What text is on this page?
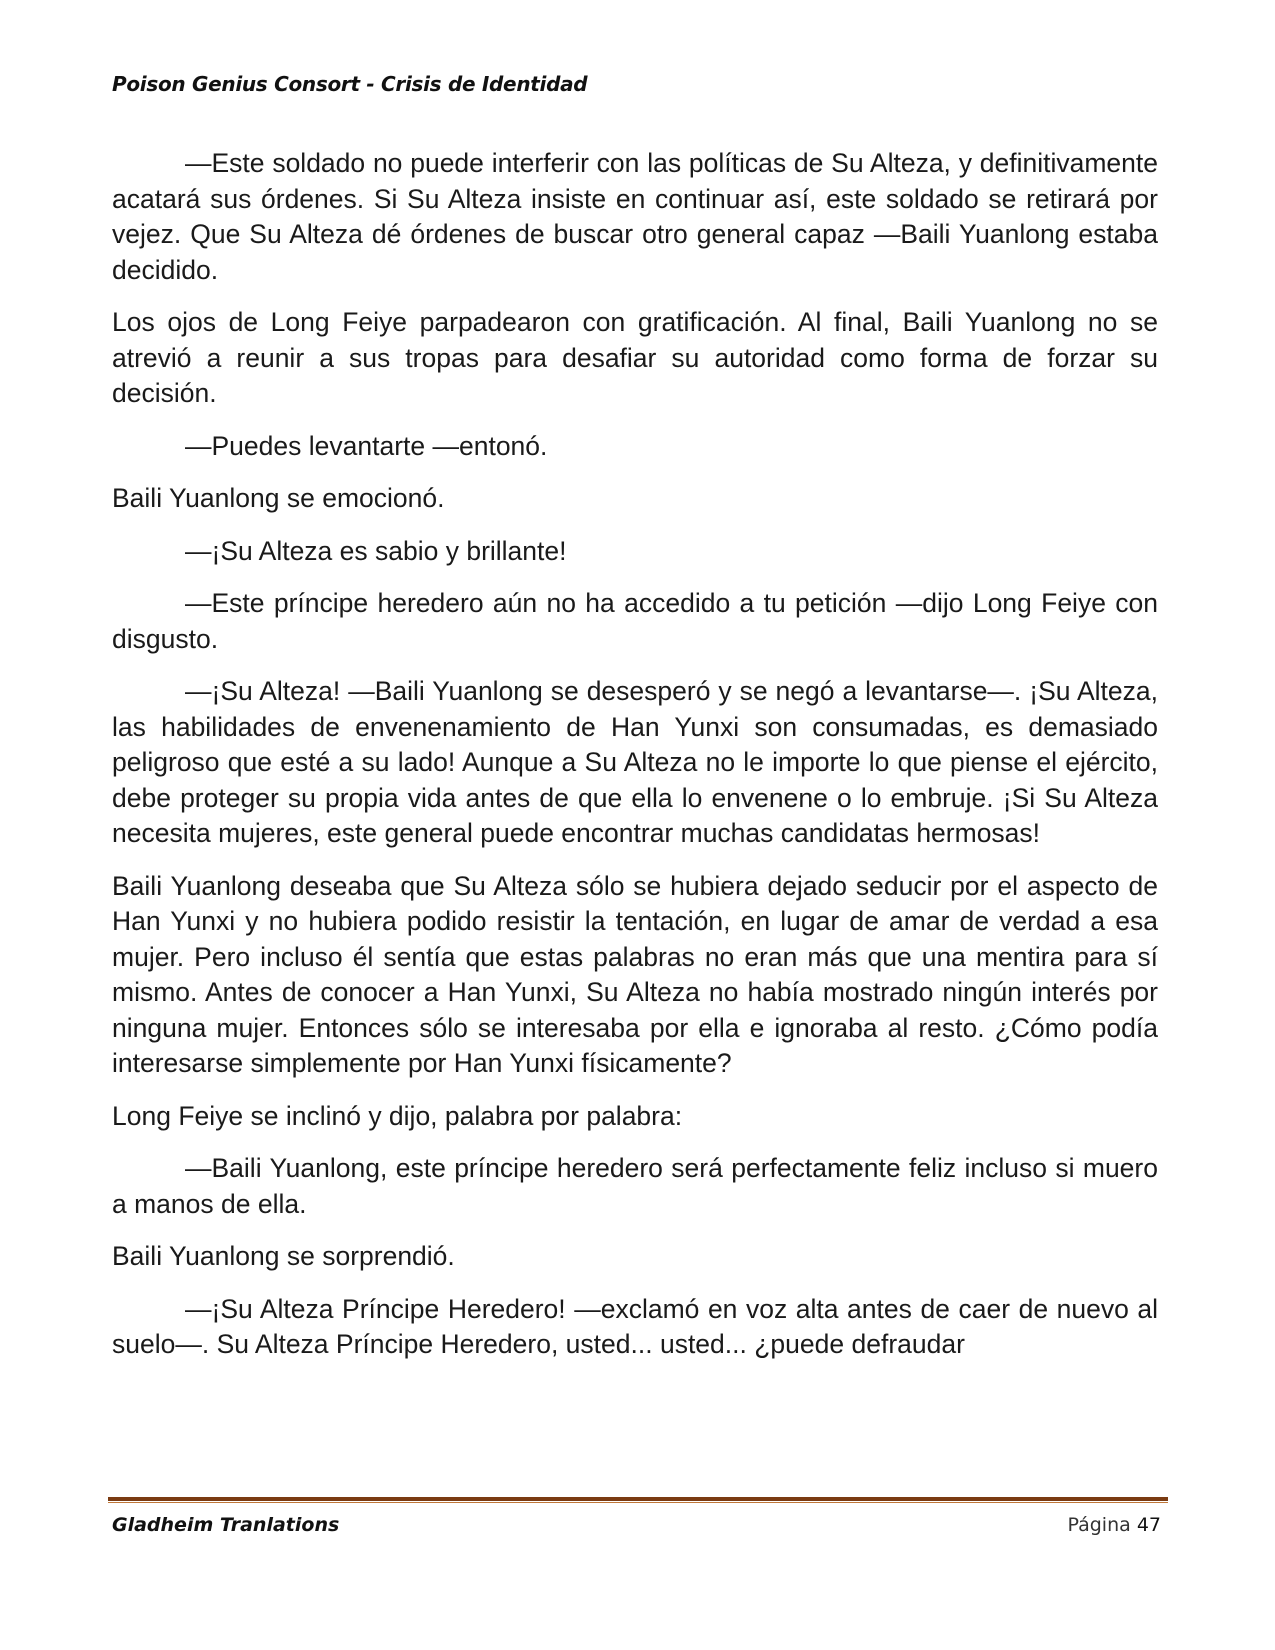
Poison Genius Consort - Crisis de Identidad

—Este soldado no puede interferir con las políticas de Su Alteza, y definitivamente acatará sus órdenes. Si Su Alteza insiste en continuar así, este soldado se retirará por vejez. Que Su Alteza dé órdenes de buscar otro general capaz —Baili Yuanlong estaba decidido.

Los ojos de Long Feiye parpadearon con gratificación. Al final, Baili Yuanlong no se atrevió a reunir a sus tropas para desafiar su autoridad como forma de forzar su decisión.

—Puedes levantarte —entonó.

Baili Yuanlong se emocionó.

—¡Su Alteza es sabio y brillante!

—Este príncipe heredero aún no ha accedido a tu petición —dijo Long Feiye con disgusto.

—¡Su Alteza! —Baili Yuanlong se desesperó y se negó a levantarse—. ¡Su Alteza, las habilidades de envenenamiento de Han Yunxi son consumadas, es demasiado peligroso que esté a su lado! Aunque a Su Alteza no le importe lo que piense el ejército, debe proteger su propia vida antes de que ella lo envenene o lo embruje. ¡Si Su Alteza necesita mujeres, este general puede encontrar muchas candidatas hermosas!

Baili Yuanlong deseaba que Su Alteza sólo se hubiera dejado seducir por el aspecto de Han Yunxi y no hubiera podido resistir la tentación, en lugar de amar de verdad a esa mujer. Pero incluso él sentía que estas palabras no eran más que una mentira para sí mismo. Antes de conocer a Han Yunxi, Su Alteza no había mostrado ningún interés por ninguna mujer. Entonces sólo se interesaba por ella e ignoraba al resto. ¿Cómo podía interesarse simplemente por Han Yunxi físicamente?

Long Feiye se inclinó y dijo, palabra por palabra:

—Baili Yuanlong, este príncipe heredero será perfectamente feliz incluso si muero a manos de ella.

Baili Yuanlong se sorprendió.

—¡Su Alteza Príncipe Heredero! —exclamó en voz alta antes de caer de nuevo al suelo—. Su Alteza Príncipe Heredero, usted... usted... ¿puede defraudar

Gladheim Tranlations	Página 47
